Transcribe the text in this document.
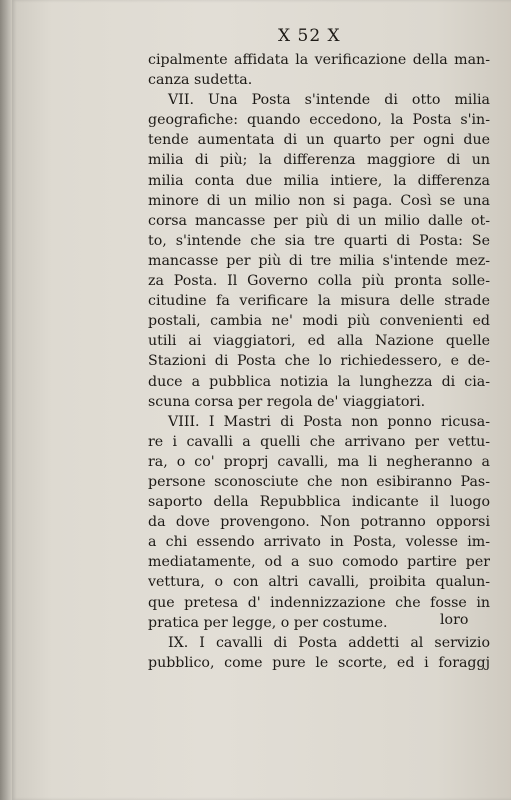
X 52 X
cipalmente affidata la verificazione della man-
canza sudetta.
VII. Una Posta s'intende di otto milia
geografiche: quando eccedono, la Posta s'in-
tende aumentata di un quarto per ogni due
milia di più; la differenza maggiore di un
milia conta due milia intiere, la differenza
minore di un milio non si paga. Così se una
corsa mancasse per più di un milio dalle ot-
to, s'intende che sia tre quarti di Posta: Se
mancasse per più di tre milia s'intende mez-
za Posta. Il Governo colla più pronta solle-
citudine fa verificare la misura delle strade
postali, cambia ne' modi più convenienti ed
utili ai viaggiatori, ed alla Nazione quelle
Stazioni di Posta che lo richiedessero, e de-
duce a pubblica notizia la lunghezza di cia-
scuna corsa per regola de' viaggiatori.
VIII. I Mastri di Posta non ponno ricusa-
re i cavalli a quelli che arrivano per vettu-
ra, o co' proprj cavalli, ma li negheranno a
persone sconosciute che non esibiranno Pas-
saporto della Repubblica indicante il luogo
da dove provengono. Non potranno opporsi
a chi essendo arrivato in Posta, volesse im-
mediatamente, od a suo comodo partire per
vettura, o con altri cavalli, proibita qualun-
que pretesa d' indennizzazione che fosse in
pratica per legge, o per costume.
IX. I cavalli di Posta addetti al servizio
pubblico, come pure le scorte, ed i foraggj
loro
